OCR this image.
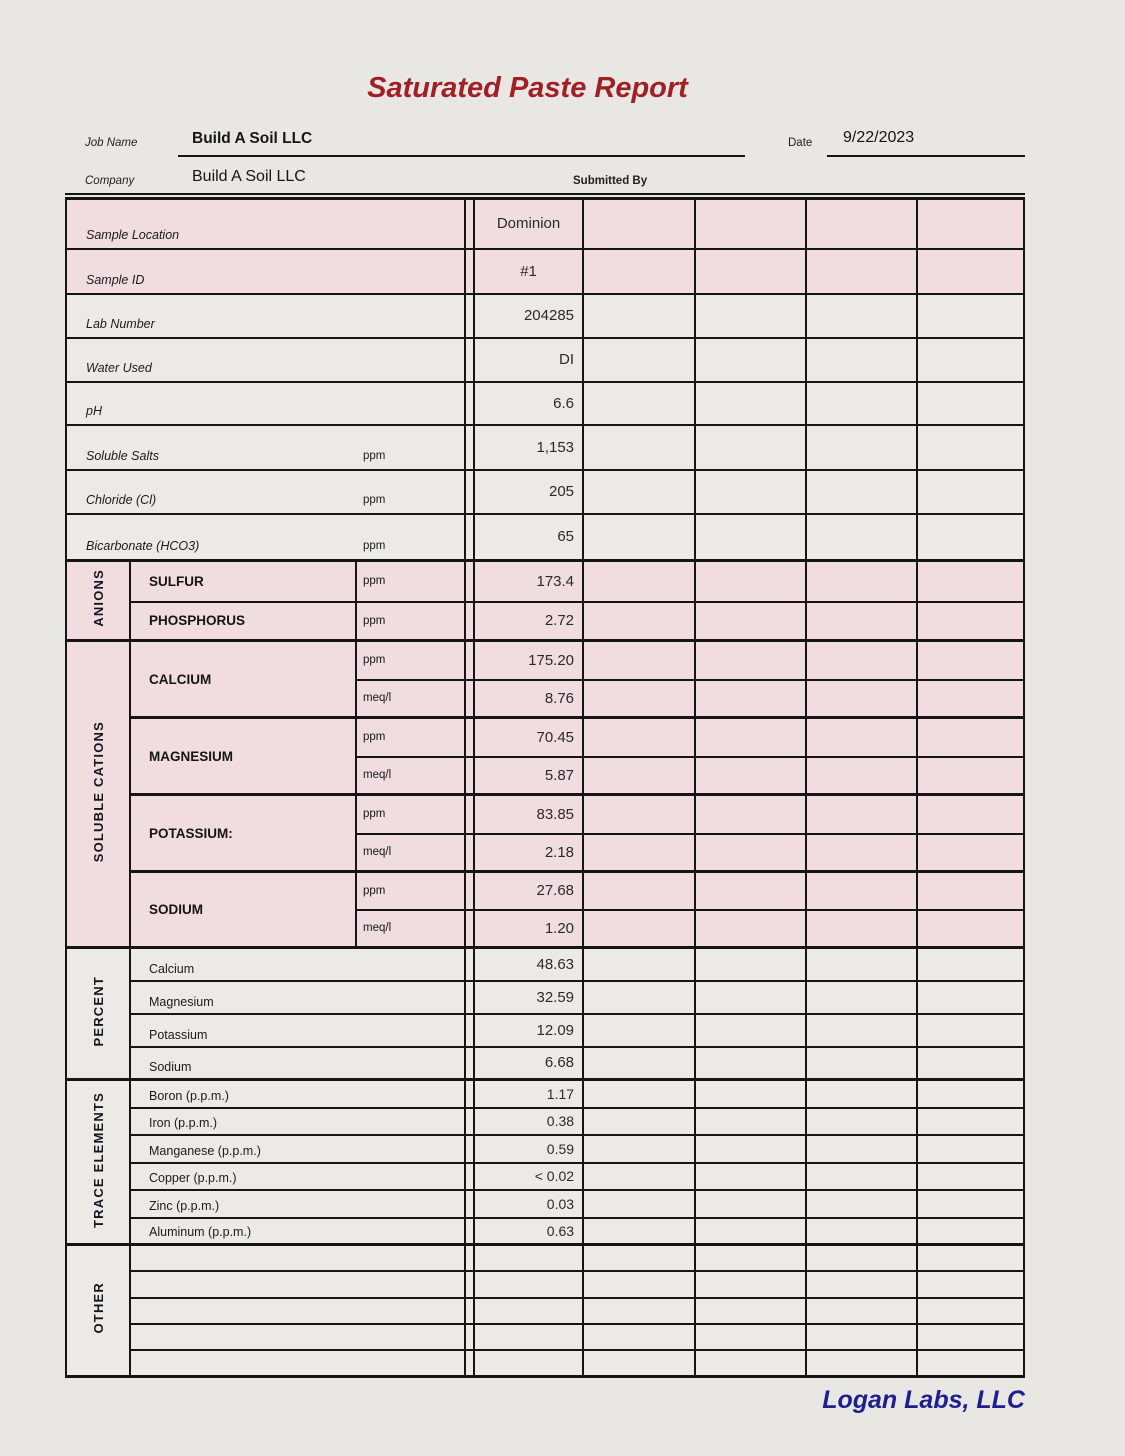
Saturated Paste Report
Job Name	Build A Soil LLC	Date 9/22/2023
Company	Build A Soil LLC	Submitted By
Sample Location				Dominion				
Sample ID				#1				
Lab Number				204285				
Water Used				DI				
pH				6.6				
Soluble Salts ppm				1,153				
Chloride (Cl) ppm				205				
Bicarbonate (HCO3) ppm				65				
ANIONS	SULFUR	ppm		173.4				
	PHOSPHORUS	ppm		2.72				
SOLUBLE CATIONS	CALCIUM	ppm		175.20				
		meq/l		8.76				
	MAGNESIUM	ppm		70.45				
		meq/l		5.87				
	POTASSIUM:	ppm		83.85				
		meq/l		2.18				
	SODIUM	ppm		27.68				
		meq/l		1.20				
PERCENT	Calcium			48.63				
	Magnesium			32.59				
	Potassium			12.09				
	Sodium			6.68				
TRACE ELEMENTS	Boron (p.p.m.)			1.17				
	Iron (p.p.m.)			0.38				
	Manganese (p.p.m.)			0.59				
	Copper (p.p.m.)			< 0.02				
	Zinc (p.p.m.)			0.03				
	Aluminum (p.p.m.)			0.63				
OTHER								

Logan Labs, LLC
